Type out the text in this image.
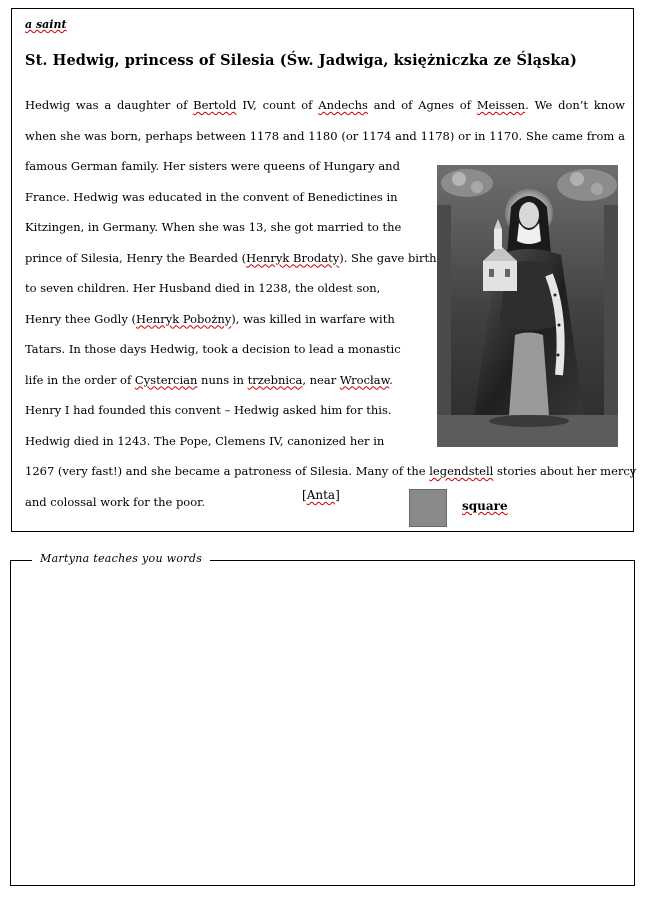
a saint
St. Hedwig, princess of Silesia (Św. Jadwiga, księżniczka ze Śląska)
Hedwig was a daughter of Bertold IV, count of Andechs and of Agnes of Meissen. We don’t know
when she was born, perhaps between 1178 and 1180 (or 1174 and 1178) or in 1170. She came from a
famous German family. Her sisters were queens of Hungary and
France. Hedwig was educated in the convent of Benedictines in
Kitzingen, in Germany. When she was 13, she got married to the
prince of Silesia, Henry the Bearded (Henryk Brodaty). She gave birth
to seven children. Her Husband died in 1238, the oldest son,
Henry thee Godly (Henryk Pobożny), was killed in warfare with
Tatars. In those days Hedwig, took a decision to lead a monastic
life in the order of Cystercian nuns in trzebnica, near Wrocław.
Henry I had founded this convent – Hedwig asked him for this.
Hedwig died in 1243. The Pope, Clemens IV, canonized her in
1267 (very fast!) and she became a patroness of Silesia. Many of the legendstell stories about her mercy
and colossal work for the poor.	[Anta]
square
Martyna teaches you words
